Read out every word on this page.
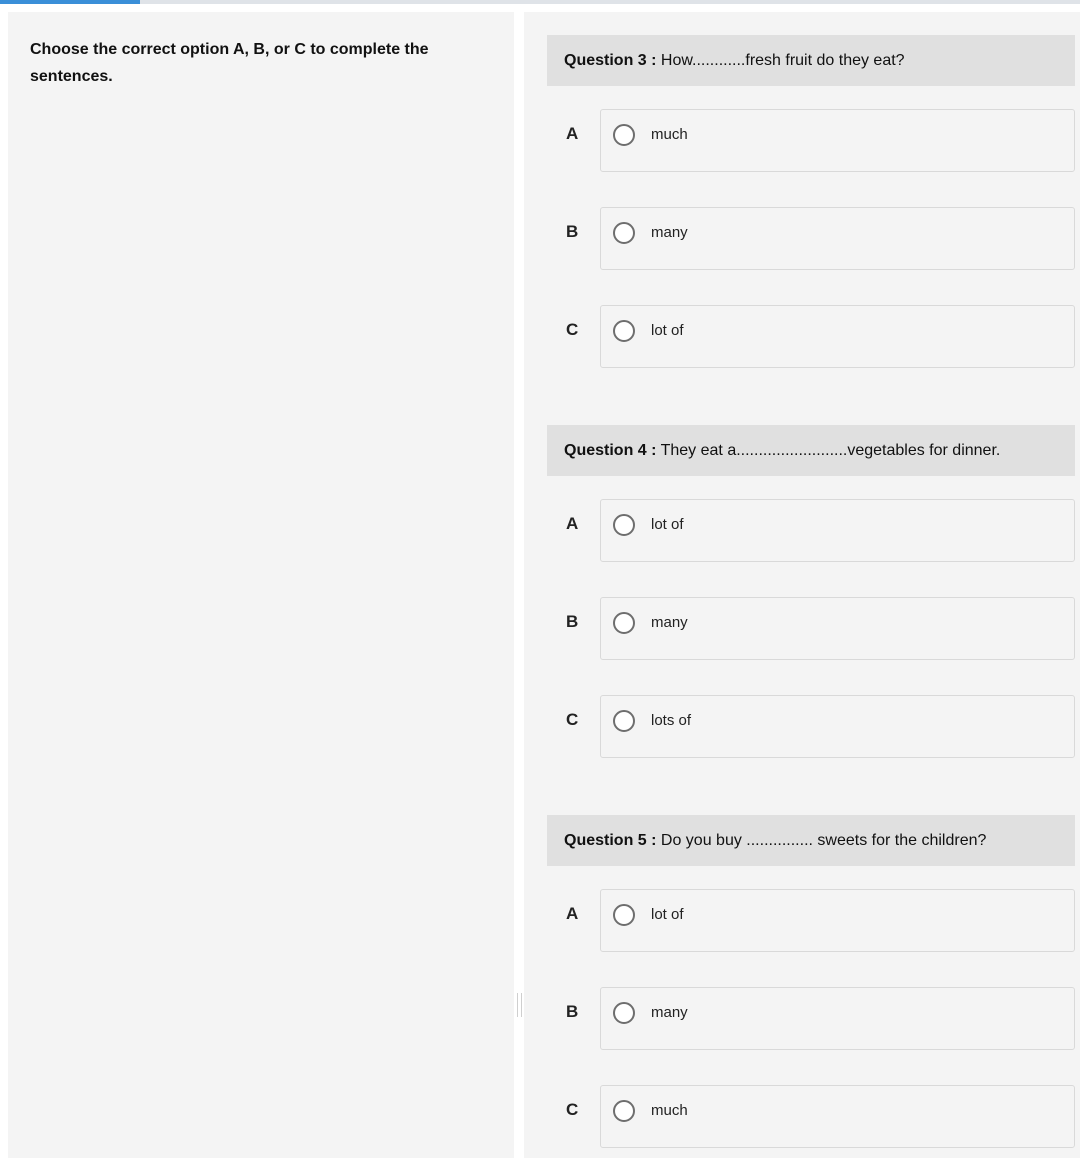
Choose the correct option A, B, or C to complete the sentences.

Question 3 : How............fresh fruit do they eat?
A	much
B	many
C	lot of
Question 4 : They eat a.........................vegetables for dinner.
A	lot of
B	many
C	lots of
Question 5 : Do you buy ............... sweets for the children?
A	lot of
B	many
C	much
